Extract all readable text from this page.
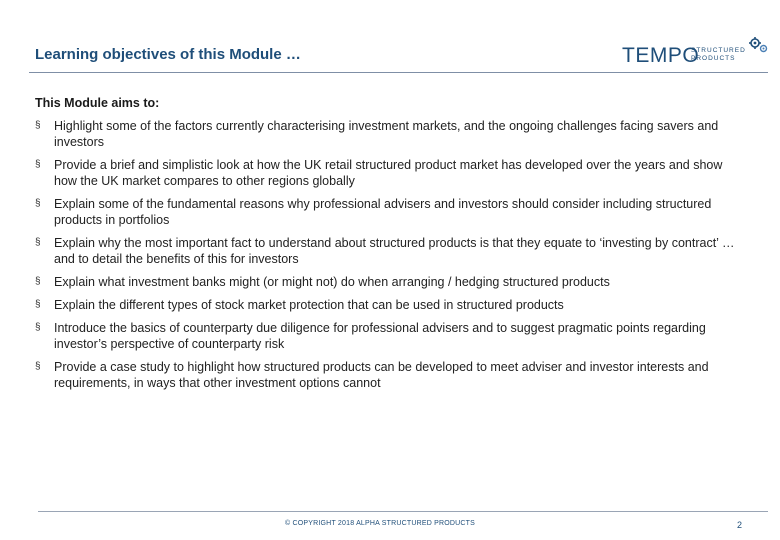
Learning objectives of this Module …	TEMPO
STRUCTURED
PRODUCTS
This Module aims to:
§ Highlight some of the factors currently characterising investment markets, and the ongoing challenges facing savers and investors
§ Provide a brief and simplistic look at how the UK retail structured product market has developed over the years and show how the UK market compares to other regions globally
§ Explain some of the fundamental reasons why professional advisers and investors should consider including structured products in portfolios
§ Explain why the most important fact to understand about structured products is that they equate to ‘investing by contract’ … and to detail the benefits of this for investors
§ Explain what investment banks might (or might not) do when arranging / hedging structured products
§ Explain the different types of stock market protection that can be used in structured products
§ Introduce the basics of counterparty due diligence for professional advisers and to suggest pragmatic points regarding investor’s perspective of counterparty risk
§ Provide a case study to highlight how structured products can be developed to meet adviser and investor interests and requirements, in ways that other investment options cannot
© COPYRIGHT 2018 ALPHA STRUCTURED PRODUCTS	2
